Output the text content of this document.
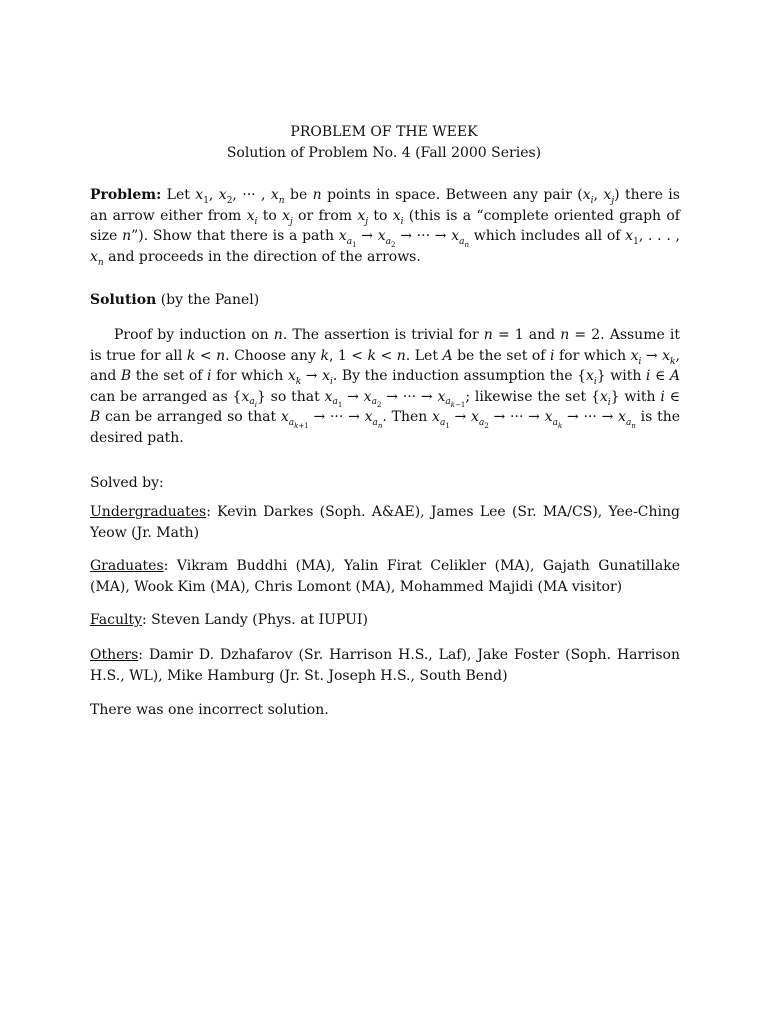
PROBLEM OF THE WEEK
Solution of Problem No. 4 (Fall 2000 Series)

Problem: Let $x_1$, $x_2$, ··· , $x_n$ be n points in space. Between any pair ($x_i$, $x_j$) there is an arrow either from $x_i$ to $x_j$ or from $x_j$ to $x_i$ (this is a “complete oriented graph of size n”). Show that there is a path $x_{a_1} \to x_{a_2}$ → ··· → $x_{a_n}$ which includes all of $x_1$, . . . , $x_n$ and proceeds in the direction of the arrows.

Solution (by the Panel)

Proof by induction on n. The assertion is trivial for n = 1 and n = 2. Assume it is true for all k < n. Choose any k, 1 < k < n. Let A be the set of i for which $x_i \to x_k$, and B the set of i for which $x_k \to x_i$. By the induction assumption the $\{x_i\}$ with i ∈ A can be arranged as $\{x_{a_i}\}$ so that $x_{a_1} \to x_{a_2}$ → ··· → $x_{a_{k-1}}$; likewise the set $\{x_i\}$ with i ∈ B can be arranged so that $x_{a_{k+1}}$ → ··· → $x_{a_n}$. Then $x_{a_1} \to x_{a_2}$ → ··· → $x_{a_k}$ → ··· → $x_{a_n}$ is the desired path.

Solved by:

Undergraduates: Kevin Darkes (Soph. A&AE), James Lee (Sr. MA/CS), Yee-Ching Yeow (Jr. Math)

Graduates: Vikram Buddhi (MA), Yalin Firat Celikler (MA), Gajath Gunatillake (MA), Wook Kim (MA), Chris Lomont (MA), Mohammed Majidi (MA visitor)

Faculty: Steven Landy (Phys. at IUPUI)

Others: Damir D. Dzhafarov (Sr. Harrison H.S., Laf), Jake Foster (Soph. Harrison H.S., WL), Mike Hamburg (Jr. St. Joseph H.S., South Bend)

There was one incorrect solution.
